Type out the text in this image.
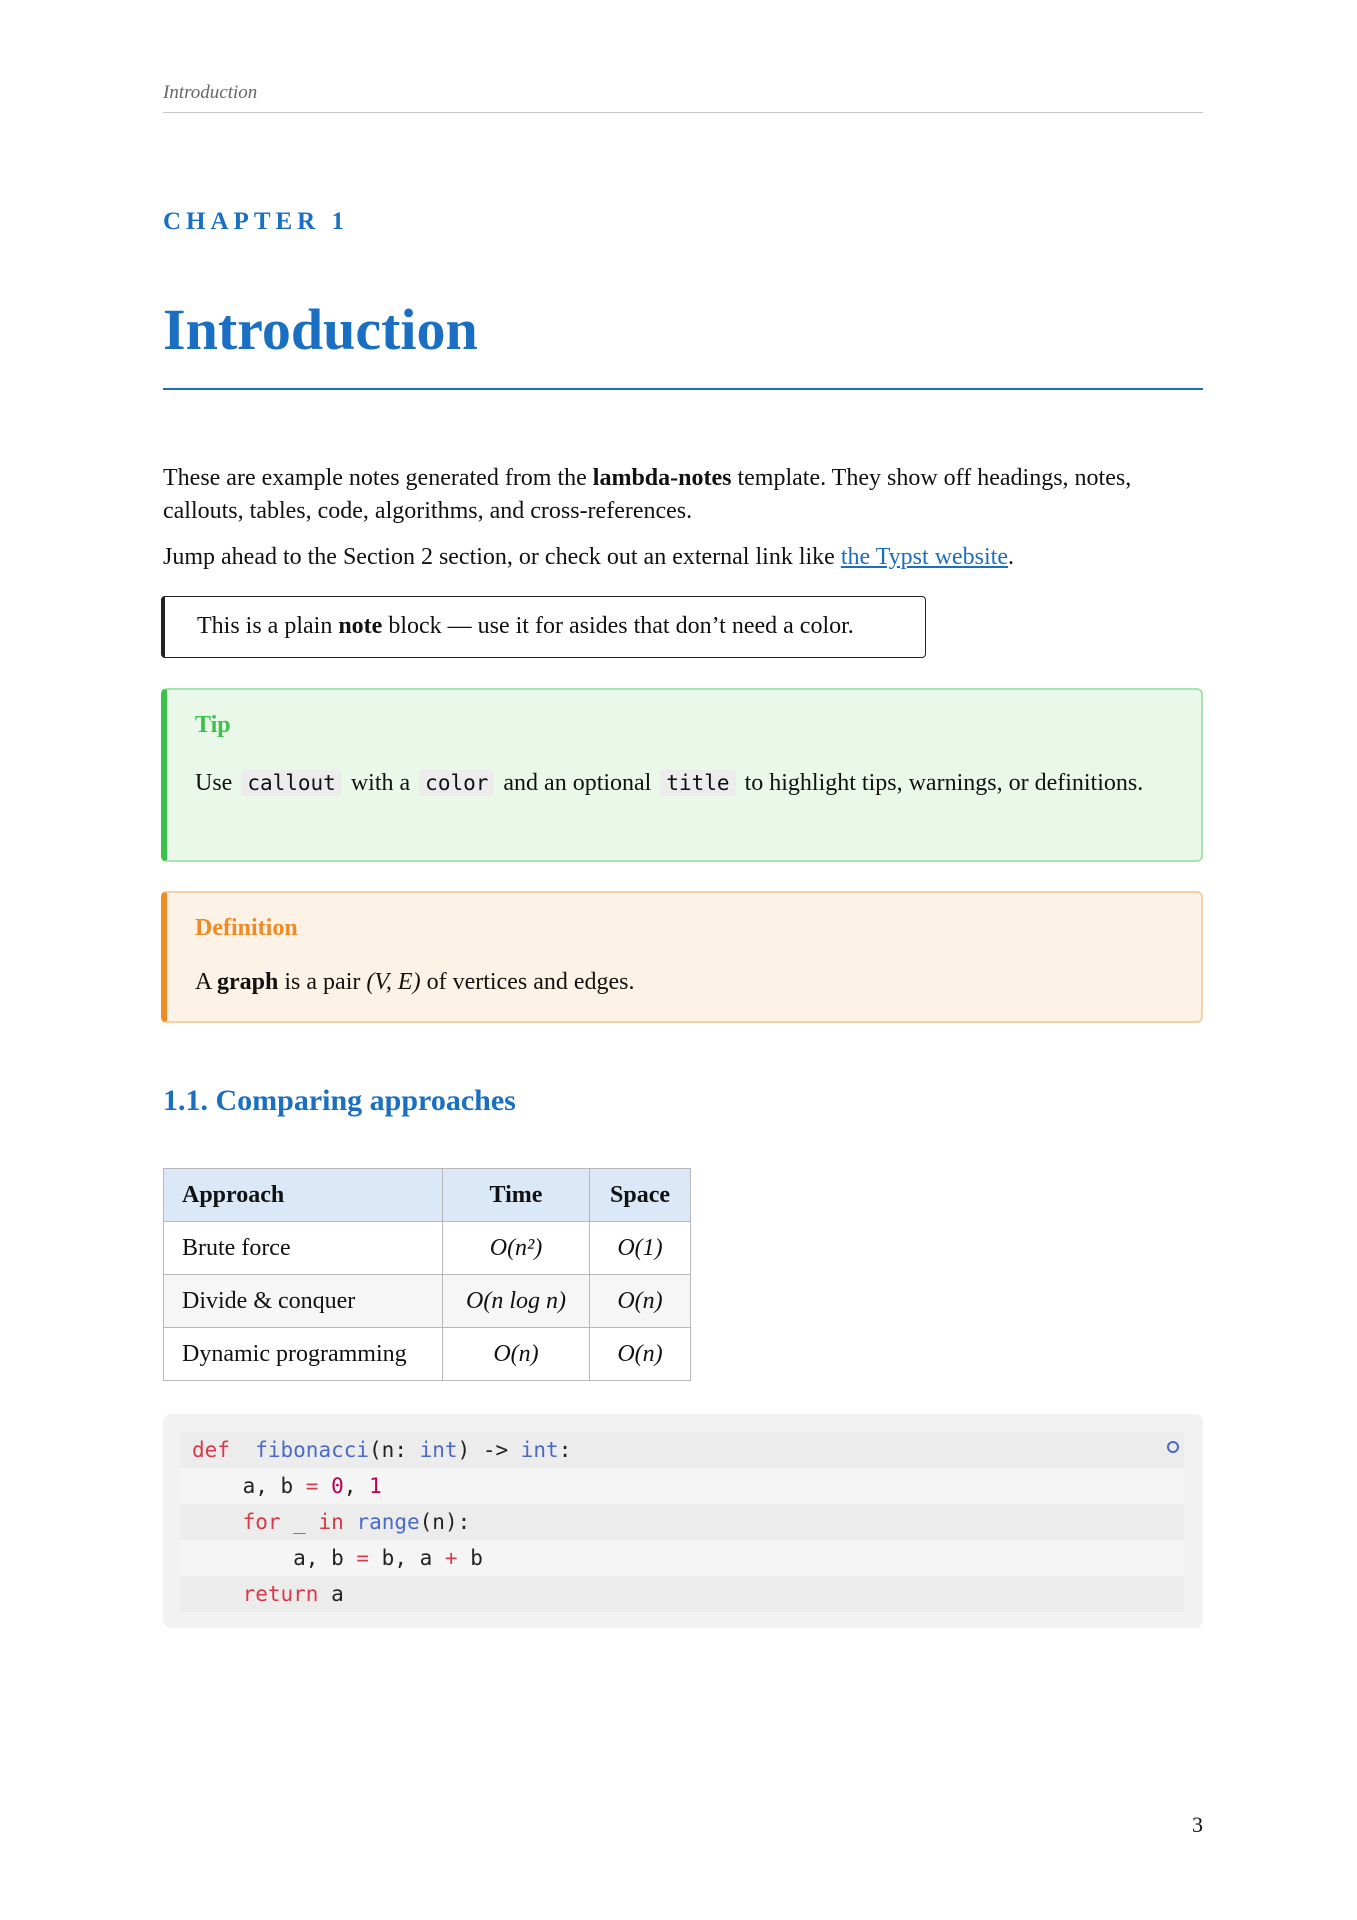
Introduction
CHAPTER 1
Introduction
These are example notes generated from the lambda-notes template. They show off headings, notes, callouts, tables, code, algorithms, and cross-references.
Jump ahead to the Section 2 section, or check out an external link like the Typst website.
This is a plain note block — use it for asides that don’t need a color.
Tip
Use callout with a color and an optional title to highlight tips, warnings, or definitions.
Definition
A graph is a pair (V, E) of vertices and edges.
1.1. Comparing approaches
Approach	Time	Space
Brute force	O(n²)	O(1)
Divide & conquer	O(n log n)	O(n)
Dynamic programming	O(n)	O(n)
def fibonacci(n: int) -> int:
a, b = 0, 1
for _ in range(n):
a, b = b, a + b
return a
3
